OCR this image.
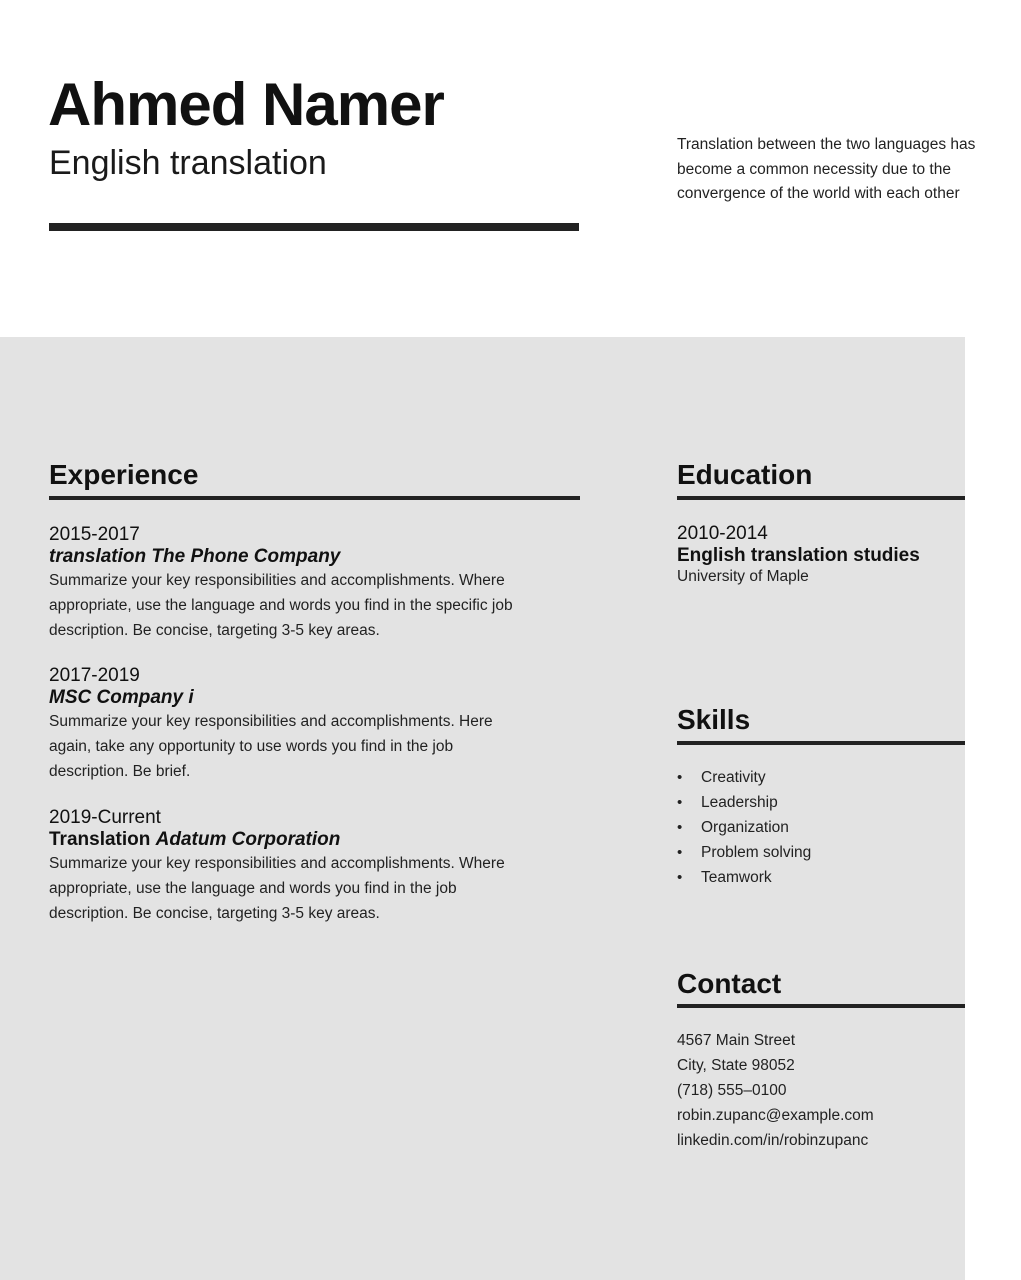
Ahmed Namer
English translation	Translation between the two languages has become a common necessity due to the convergence of the world with each other
Experience
2015-2017
translation The Phone Company
Summarize your key responsibilities and accomplishments. Where appropriate, use the language and words you find in the specific job description. Be concise, targeting 3-5 key areas.
2017-2019
MSC Company i
Summarize your key responsibilities and accomplishments. Here again, take any opportunity to use words you find in the job description. Be brief.
2019-Current
Translation Adatum Corporation
Summarize your key responsibilities and accomplishments. Where appropriate, use the language and words you find in the job description. Be concise, targeting 3-5 key areas.
Education
2010-2014
English translation studies
University of Maple
Skills
• Creativity
• Leadership
• Organization
• Problem solving
• Teamwork
Contact
4567 Main Street
City, State 98052
(718) 555–0100
robin.zupanc@example.com
linkedin.com/in/robinzupanc
